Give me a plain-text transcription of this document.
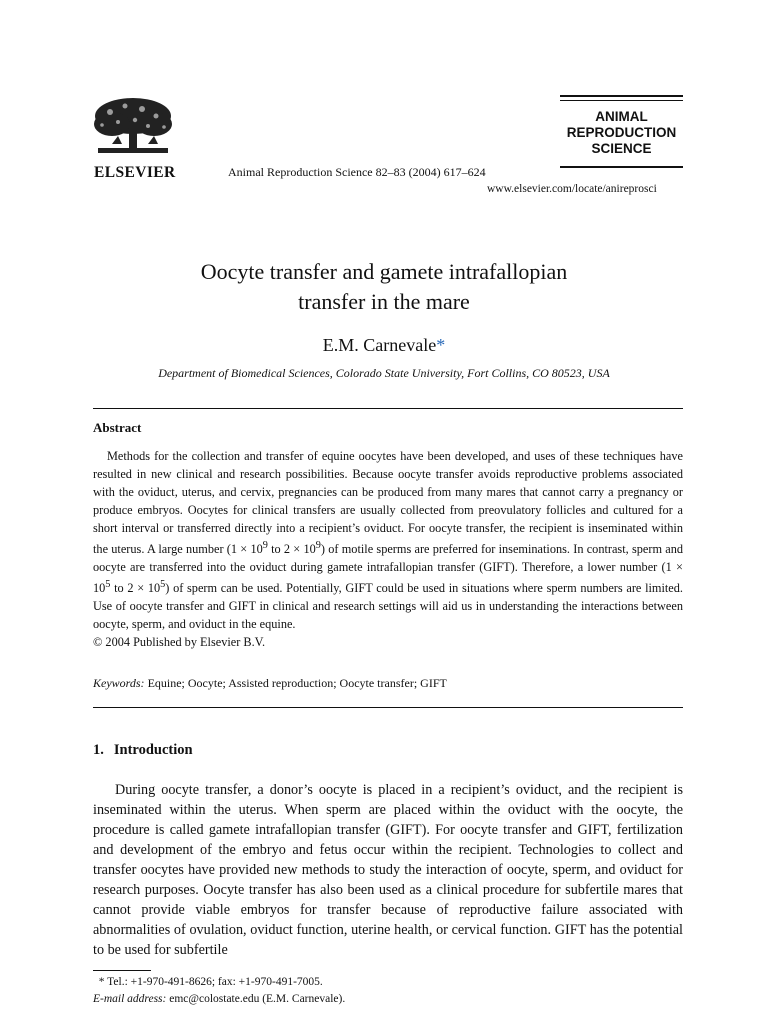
ELSEVIER	Animal Reproduction Science 82–83 (2004) 617–624
ANIMAL
REPRODUCTION
SCIENCE
www.elsevier.com/locate/anireprosci
Oocyte transfer and gamete intrafallopian
transfer in the mare
E.M. Carnevale*
Department of Biomedical Sciences, Colorado State University, Fort Collins, CO 80523, USA
Abstract

Methods for the collection and transfer of equine oocytes have been developed, and uses of these techniques have resulted in new clinical and research possibilities. Because oocyte transfer avoids reproductive problems associated with the oviduct, uterus, and cervix, pregnancies can be produced from many mares that cannot carry a pregnancy or produce embryos. Oocytes for clinical transfers are usually collected from preovulatory follicles and cultured for a short interval or transferred directly into a recipient’s oviduct. For oocyte transfer, the recipient is inseminated within the uterus. A large number ($1 \times 10^9$ to $2 \times 10^9$) of motile sperms are preferred for inseminations. In contrast, sperm and oocyte are transferred into the oviduct during gamete intrafallopian transfer (GIFT). Therefore, a lower number ($1 \times 10^5$ to $2 \times 10^5$) of sperm can be used. Potentially, GIFT could be used in situations where sperm numbers are limited. Use of oocyte transfer and GIFT in clinical and research settings will aid us in understanding the interactions between oocyte, sperm, and oviduct in the equine.

© 2004 Published by Elsevier B.V.
Keywords: Equine; Oocyte; Assisted reproduction; Oocyte transfer; GIFT
1. Introduction

During oocyte transfer, a donor’s oocyte is placed in a recipient’s oviduct, and the recipient is inseminated within the uterus. When sperm are placed within the oviduct with the oocyte, the procedure is called gamete intrafallopian transfer (GIFT). For oocyte transfer and GIFT, fertilization and development of the embryo and fetus occur within the recipient. Technologies to collect and transfer oocytes have provided new methods to study the interaction of oocyte, sperm, and oviduct for research purposes. Oocyte transfer has also been used as a clinical procedure for subfertile mares that cannot provide viable embryos for transfer because of reproductive failure associated with abnormalities of ovulation, oviduct function, uterine health, or cervical function. GIFT has the potential to be used for subfertile

* Tel.: +1-970-491-8626; fax: +1-970-491-7005.
E-mail address: emc@colostate.edu (E.M. Carnevale).
